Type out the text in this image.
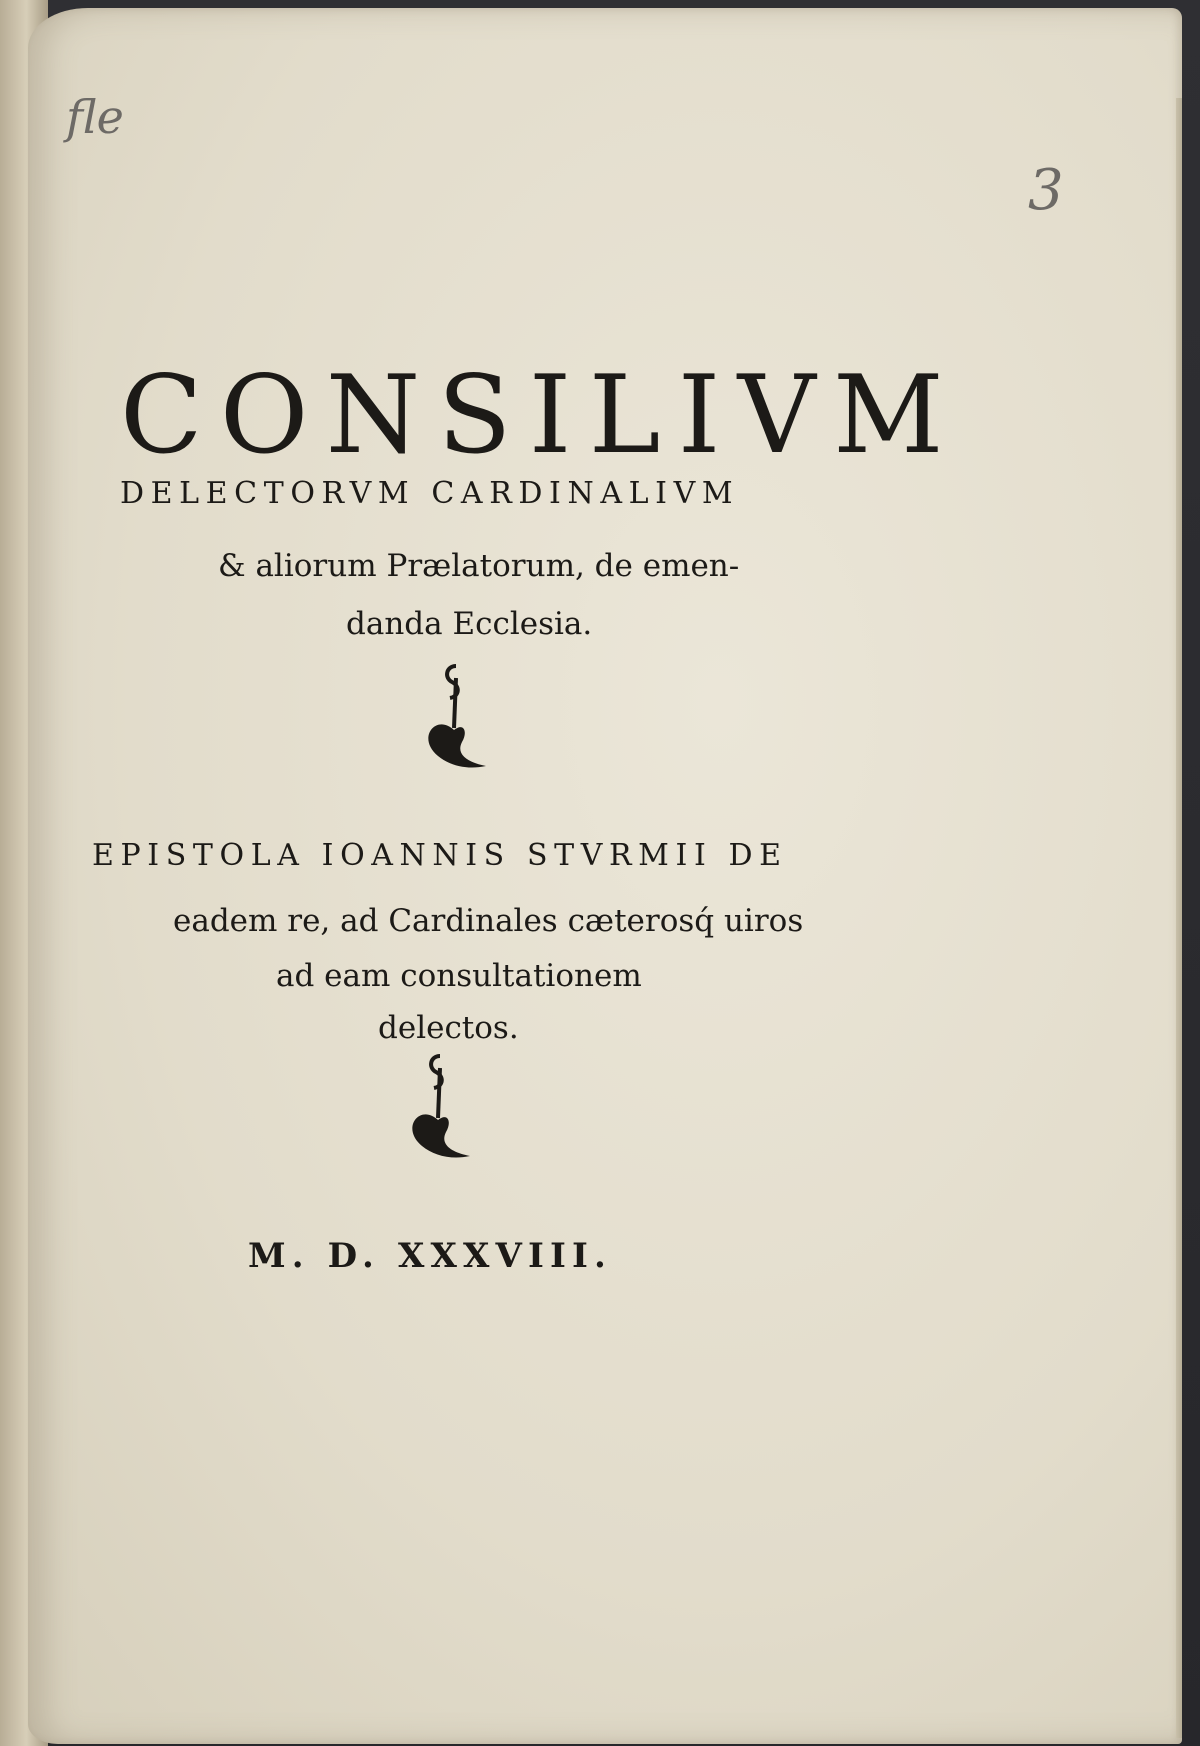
fle
3
CONSILIVM
DELECTORVM CARDINALIVM
& aliorum Prælatorum, de emen-
danda Ecclesia.
EPISTOLA IOANNIS STVRMII DE
eadem re, ad Cardinales cæterosq́ uiros
ad eam consultationem
delectos.
M. D. XXXVIII.
